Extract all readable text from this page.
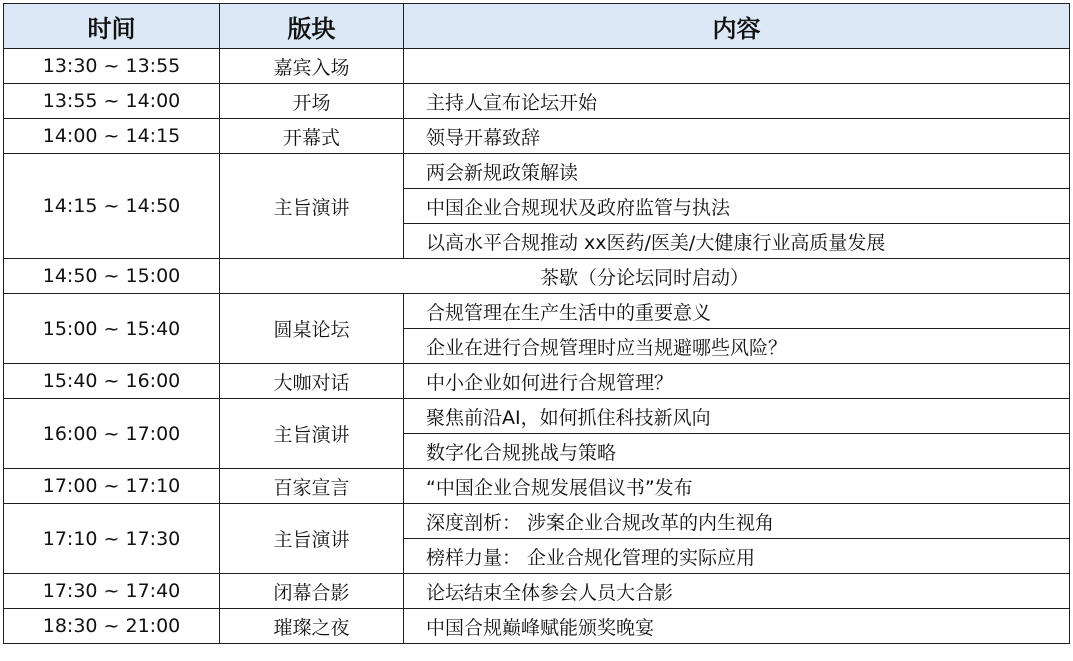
时间	版块	内容
13:30 ~ 13:55	嘉宾入场	
13:55 ~ 14:00	开场	主持人宣布论坛开始
14:00 ~ 14:15	开幕式	领导开幕致辞
14:15 ~ 14:50	主旨演讲	两会新规政策解读
		中国企业合规现状及政府监管与执法
		以高水平合规推动 xx医药/医美/大健康行业高质量发展
14:50 ~ 15:00	茶歇（分论坛同时启动）	
15:00 ~ 15:40	圆桌论坛	合规管理在生产生活中的重要意义
		企业在进行合规管理时应当规避哪些风险？
15:40 ~ 16:00	大咖对话	中小企业如何进行合规管理？
16:00 ~ 17:00	主旨演讲	聚焦前沿AI，如何抓住科技新风向
		数字化合规挑战与策略
17:00 ~ 17:10	百家宣言	“中国企业合规发展倡议书”发布
17:10 ~ 17:30	主旨演讲	深度剖析： 涉案企业合规改革的内生视角
		榜样力量： 企业合规化管理的实际应用
17:30 ~ 17:40	闭幕合影	论坛结束全体参会人员大合影
18:30 ~ 21:00	璀璨之夜	中国合规巅峰赋能颁奖晚宴
